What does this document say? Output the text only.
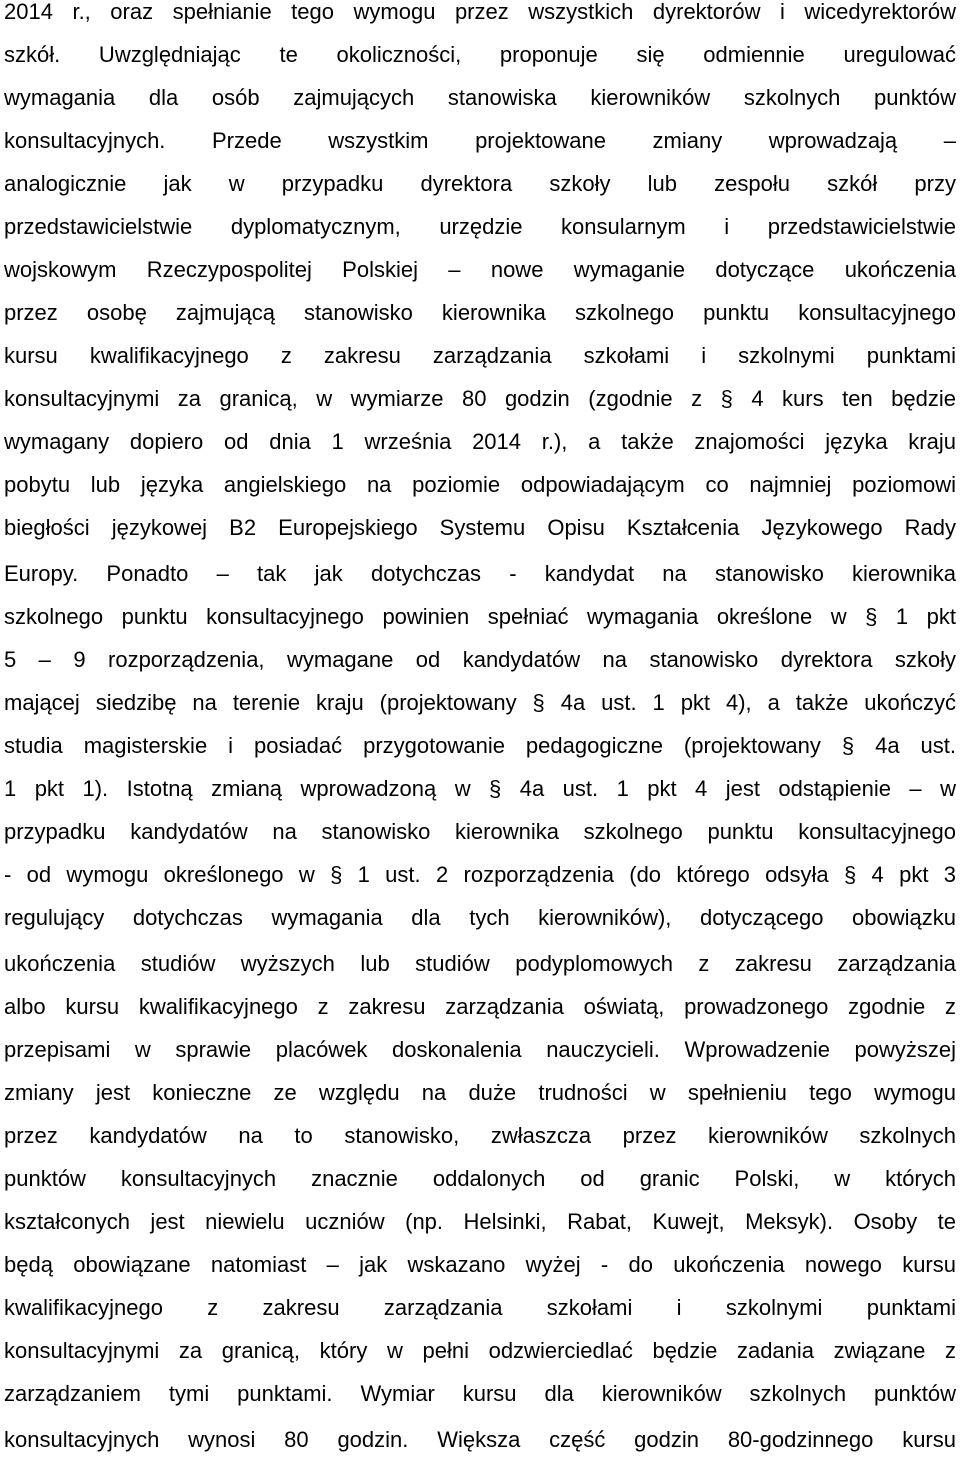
2014 r., oraz spełnianie tego wymogu przez wszystkich dyrektorów i wicedyrektorów
szkół. Uwzględniając te okoliczności, proponuje się odmiennie uregulować
wymagania dla osób zajmujących stanowiska kierowników szkolnych punktów
konsultacyjnych. Przede wszystkim projektowane zmiany wprowadzają –
analogicznie jak w przypadku dyrektora szkoły lub zespołu szkół przy
przedstawicielstwie dyplomatycznym, urzędzie konsularnym i przedstawicielstwie
wojskowym Rzeczypospolitej Polskiej – nowe wymaganie dotyczące ukończenia
przez osobę zajmującą stanowisko kierownika szkolnego punktu konsultacyjnego
kursu kwalifikacyjnego z zakresu zarządzania szkołami i szkolnymi punktami
konsultacyjnymi za granicą, w wymiarze 80 godzin (zgodnie z § 4 kurs ten będzie
wymagany dopiero od dnia 1 września 2014 r.), a także znajomości języka kraju
pobytu lub języka angielskiego na poziomie odpowiadającym co najmniej poziomowi
biegłości językowej B2 Europejskiego Systemu Opisu Kształcenia Językowego Rady
Europy. Ponadto – tak jak dotychczas - kandydat na stanowisko kierownika
szkolnego punktu konsultacyjnego powinien spełniać wymagania określone w § 1 pkt
5 – 9 rozporządzenia, wymagane od kandydatów na stanowisko dyrektora szkoły
mającej siedzibę na terenie kraju (projektowany § 4a ust. 1 pkt 4), a także ukończyć
studia magisterskie i posiadać przygotowanie pedagogiczne (projektowany § 4a ust.
1 pkt 1). Istotną zmianą wprowadzoną w § 4a ust. 1 pkt 4 jest odstąpienie – w
przypadku kandydatów na stanowisko kierownika szkolnego punktu konsultacyjnego
- od wymogu określonego w § 1 ust. 2 rozporządzenia (do którego odsyła § 4 pkt 3
regulujący dotychczas wymagania dla tych kierowników), dotyczącego obowiązku
ukończenia studiów wyższych lub studiów podyplomowych z zakresu zarządzania
albo kursu kwalifikacyjnego z zakresu zarządzania oświatą, prowadzonego zgodnie z
przepisami w sprawie placówek doskonalenia nauczycieli. Wprowadzenie powyższej
zmiany jest konieczne ze względu na duże trudności w spełnieniu tego wymogu
przez kandydatów na to stanowisko, zwłaszcza przez kierowników szkolnych
punktów konsultacyjnych znacznie oddalonych od granic Polski, w których
kształconych jest niewielu uczniów (np. Helsinki, Rabat, Kuwejt, Meksyk). Osoby te
będą obowiązane natomiast – jak wskazano wyżej - do ukończenia nowego kursu
kwalifikacyjnego z zakresu zarządzania szkołami i szkolnymi punktami
konsultacyjnymi za granicą, który w pełni odzwierciedlać będzie zadania związane z
zarządzaniem tymi punktami. Wymiar kursu dla kierowników szkolnych punktów
konsultacyjnych wynosi 80 godzin. Większa część godzin 80-godzinnego kursu
